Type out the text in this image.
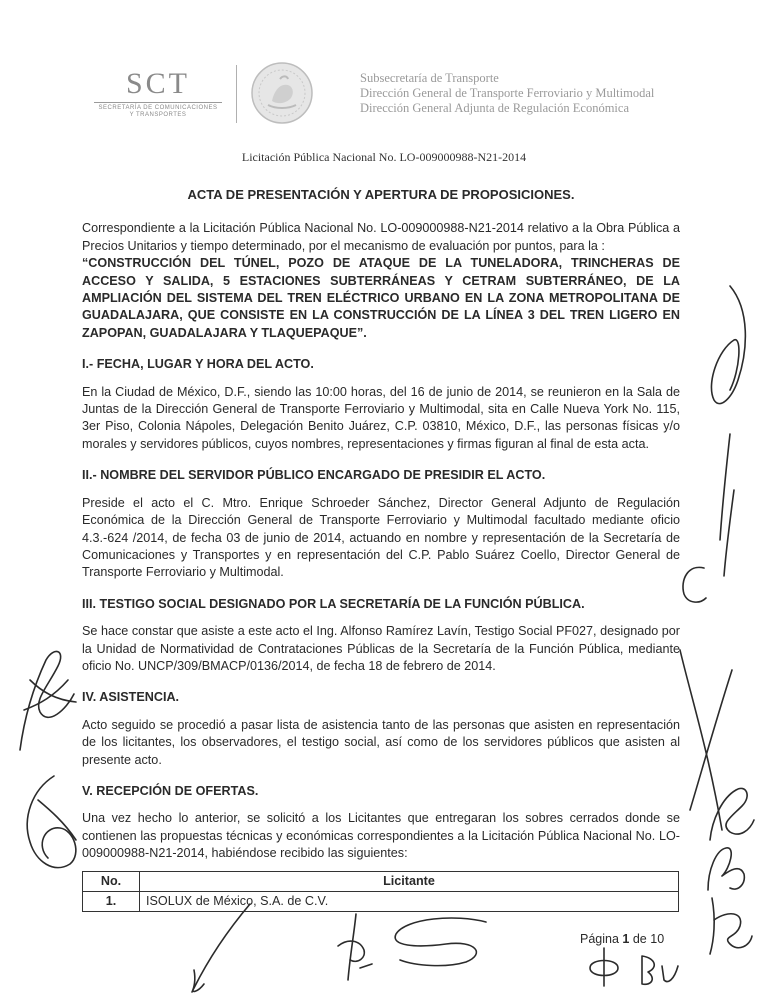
SCT
SECRETARÍA DE COMUNICACIONES
Y TRANSPORTES
Subsecretaría de Transporte
Dirección General de Transporte Ferroviario y Multimodal
Dirección General Adjunta de Regulación Económica
Licitación Pública Nacional No. LO-009000988-N21-2014
ACTA DE PRESENTACIÓN Y APERTURA DE PROPOSICIONES.

Correspondiente a la Licitación Pública Nacional No. LO-009000988-N21-2014 relativo a la Obra Pública a Precios Unitarios y tiempo determinado, por el mecanismo de evaluación por puntos, para la :

“CONSTRUCCIÓN DEL TÚNEL, POZO DE ATAQUE DE LA TUNELADORA, TRINCHERAS DE ACCESO Y SALIDA, 5 ESTACIONES SUBTERRÁNEAS Y CETRAM SUBTERRÁNEO, DE LA AMPLIACIÓN DEL SISTEMA DEL TREN ELÉCTRICO URBANO EN LA ZONA METROPOLITANA DE GUADALAJARA, QUE CONSISTE EN LA CONSTRUCCIÓN DE LA LÍNEA 3 DEL TREN LIGERO EN ZAPOPAN, GUADALAJARA Y TLAQUEPAQUE”.

I.- FECHA, LUGAR Y HORA DEL ACTO.

En la Ciudad de México, D.F., siendo las 10:00 horas, del 16 de junio de 2014, se reunieron en la Sala de Juntas de la Dirección General de Transporte Ferroviario y Multimodal, sita en Calle Nueva York No. 115, 3er Piso, Colonia Nápoles, Delegación Benito Juárez, C.P. 03810, México, D.F., las personas físicas y/o morales y servidores públicos, cuyos nombres, representaciones y firmas figuran al final de esta acta.

II.- NOMBRE DEL SERVIDOR PÚBLICO ENCARGADO DE PRESIDIR EL ACTO.

Preside el acto el C. Mtro. Enrique Schroeder Sánchez, Director General Adjunto de Regulación Económica de la Dirección General de Transporte Ferroviario y Multimodal facultado mediante oficio 4.3.-624 /2014, de fecha 03 de junio de 2014, actuando en nombre y representación de la Secretaría de Comunicaciones y Transportes y en representación del C.P. Pablo Suárez Coello, Director General de Transporte Ferroviario y Multimodal.

III. TESTIGO SOCIAL DESIGNADO POR LA SECRETARÍA DE LA FUNCIÓN PÚBLICA.

Se hace constar que asiste a este acto el Ing. Alfonso Ramírez Lavín, Testigo Social PF027, designado por la Unidad de Normatividad de Contrataciones Públicas de la Secretaría de la Función Pública, mediante oficio No. UNCP/309/BMACP/0136/2014, de fecha 18 de febrero de 2014.

IV. ASISTENCIA.

Acto seguido se procedió a pasar lista de asistencia tanto de las personas que asisten en representación de los licitantes, los observadores, el testigo social, así como de los servidores públicos que asisten al presente acto.

V. RECEPCIÓN DE OFERTAS.

Una vez hecho lo anterior, se solicitó a los Licitantes que entregaran los sobres cerrados donde se contienen las propuestas técnicas y económicas correspondientes a la Licitación Pública Nacional No. LO-009000988-N21-2014, habiéndose recibido las siguientes:

No.	Licitante
1.	ISOLUX de México, S.A. de C.V.
Página 1 de 10
